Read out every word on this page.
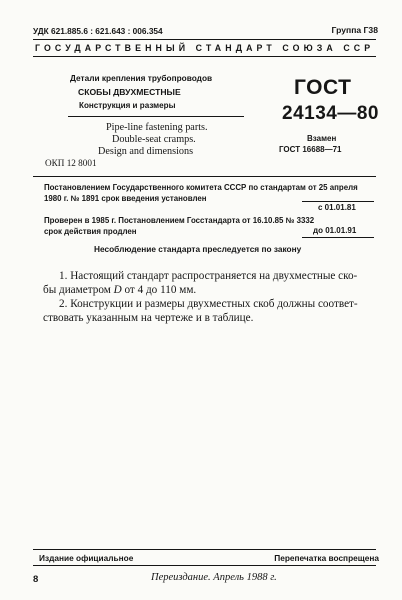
УДК 621.885.6 : 621.643 : 006.354	Группа Г38
ГОСУДАРСТВЕННЫЙ СТАНДАРТ СОЮЗА ССР
Детали крепления трубопроводов
СКОБЫ ДВУХМЕСТНЫЕ
Конструкция и размеры
Pipe-line fastening parts.
Double-seat cramps.
Design and dimensions
ГОСТ
24134—80
Взамен
ГОСТ 16688—71
ОКП 12 8001
Постановлением Государственного комитета СССР по стандартам от 25 апреля
1980 г. № 1891 срок введения установлен
с 01.01.81
Проверен в 1985 г. Постановлением Госстандарта от 16.10.85 № 3332
срок действия продлен	до 01.01.91
Несоблюдение стандарта преследуется по закону
1. Настоящий стандарт распространяется на двухместные ско-
бы диаметром D от 4 до 110 мм.
2. Конструкции и размеры двухместных скоб должны соответ-
ствовать указанным на чертеже и в таблице.
Издание официальное	Перепечатка воспрещена
8	Переиздание. Апрель 1988 г.
